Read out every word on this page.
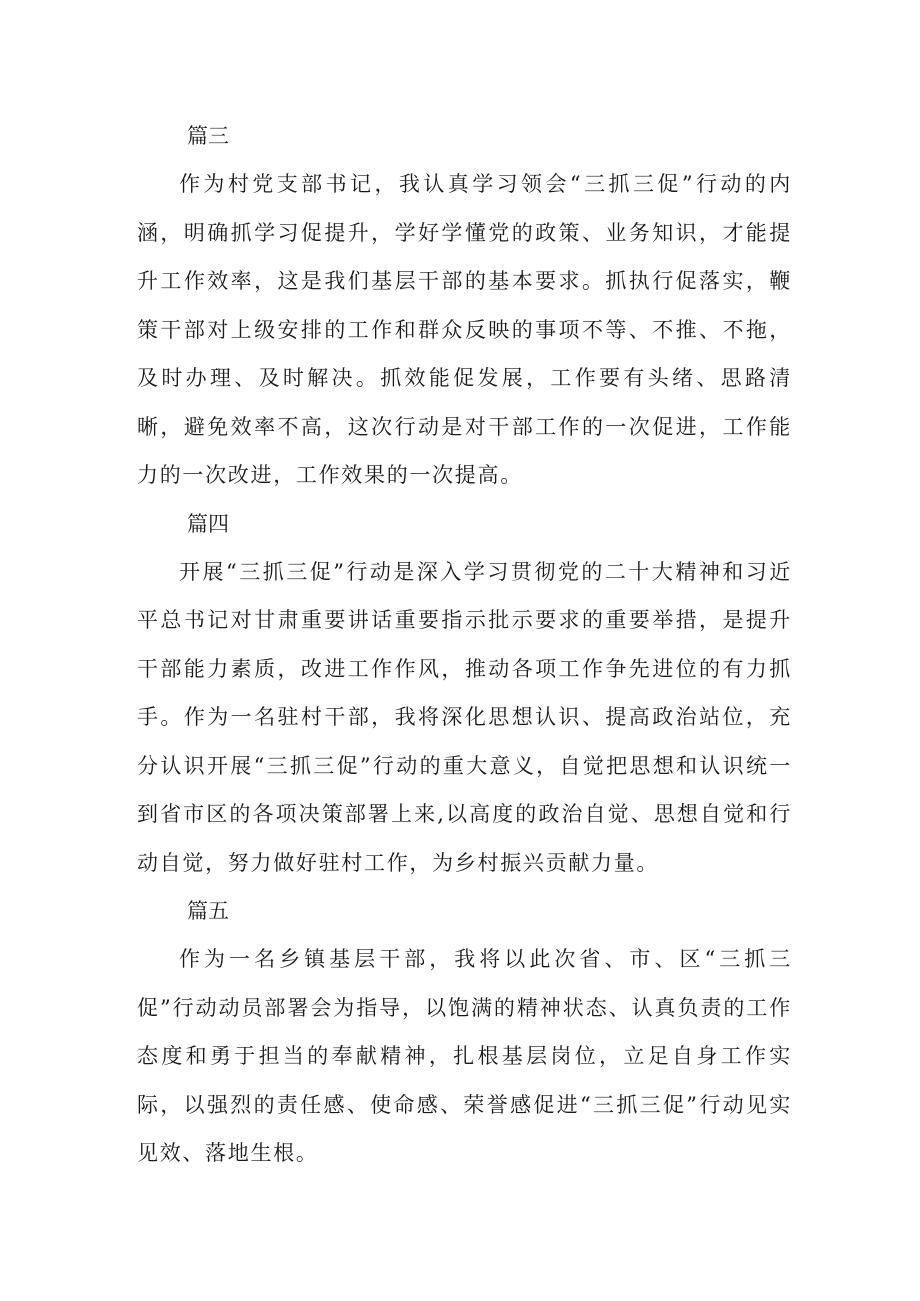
篇三

作为村党支部书记，我认真学习领会“三抓三促”行动的内涵，明确抓学习促提升，学好学懂党的政策、业务知识，才能提升工作效率，这是我们基层干部的基本要求。抓执行促落实，鞭策干部对上级安排的工作和群众反映的事项不等、不推、不拖，及时办理、及时解决。抓效能促发展，工作要有头绪、思路清晰，避免效率不高，这次行动是对干部工作的一次促进，工作能力的一次改进，工作效果的一次提高。

篇四

开展“三抓三促”行动是深入学习贯彻党的二十大精神和习近平总书记对甘肃重要讲话重要指示批示要求的重要举措，是提升干部能力素质，改进工作作风，推动各项工作争先进位的有力抓手。作为一名驻村干部，我将深化思想认识、提高政治站位，充分认识开展“三抓三促”行动的重大意义，自觉把思想和认识统一到省市区的各项决策部署上来,以高度的政治自觉、思想自觉和行动自觉，努力做好驻村工作，为乡村振兴贡献力量。

篇五

作为一名乡镇基层干部，我将以此次省、市、区“三抓三促”行动动员部署会为指导，以饱满的精神状态、认真负责的工作态度和勇于担当的奉献精神，扎根基层岗位，立足自身工作实际，以强烈的责任感、使命感、荣誉感促进“三抓三促”行动见实见效、落地生根。
